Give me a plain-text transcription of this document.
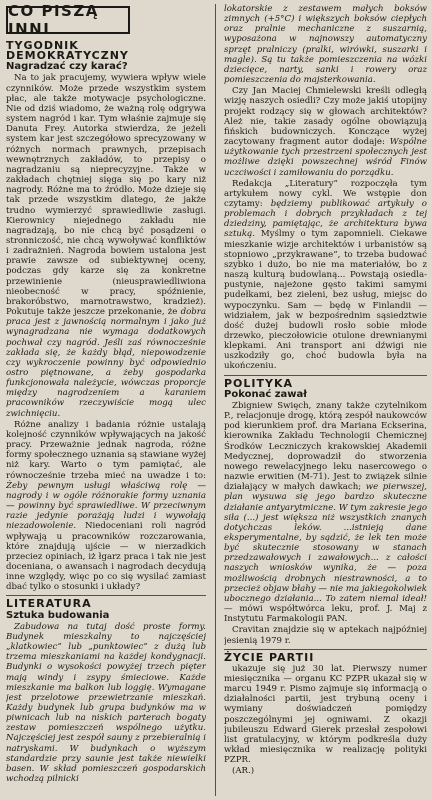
CO PISZĄ INNI

TYGODNIK DEMOKRATYCZNY

Nagradzać czy karać?

Na to jak pracujemy, wywiera wpływ wiele czynników. Może przede wszystkim system płac, ale także motywacje psychologiczne. Nie od dziś wiadomo, że ważną rolę odgrywa system nagród i kar. Tym właśnie zajmuje się Danuta Frey. Autorka stwierdza, że jeżeli system kar jest szczegółowo sprecyzowany w różnych normach prawnych, przepisach wewnętrznych zakładów, to przepisy o nagradzaniu są nieprecyzyjne. Także w zakładach chętniej sięga się po kary niż nagrody. Różne ma to źródło. Może dzieje się tak przede wszystkim dlatego, że jakże trudno wymierzyć sprawiedliwie zasługi. Kierownicy niejednego zakładu nie nagradzają, bo nie chcą być posądzeni o stronniczość, nie chcą wywoływać konfliktów i zadrażnień. Nagroda bowiem ustalona jest prawie zawsze od subiektywnej oceny, podczas gdy karze się za konkretne przewinienie (nieusprawiedliwiona nieobecność w pracy, spóźnienie, brakoróbstwo, marnotrawstwo, kradzież). Pokutuje także jeszcze przekonanie, że dobra praca jest z jawnością normalnym i jako już wynagradzana nie wymaga dodatkowych pochwał czy nagród. Jeśli zaś równocześnie zakłada się, że każdy błąd, niepowodzenie czy wykroczenie powinny być odpowiednio ostro piętnowane, a żeby gospodarka funkcjonowała należycie, wówczas proporcje między nagrodzeniem a karaniem pracowników rzeczywiście mogą ulec zwichnięciu.

Różne analizy i badania różnie ustalają kolejność czynników wpływających na jakość pracy. Przeważnie jednak nagroda, różne formy społecznego uznania są stawiane wyżej niż kary. Warto o tym pamiętać, ale równocześnie trzeba mieć na uwadze i to: Żeby pewnym usługi właściwą rolę — nagrody i w ogóle różnorakie formy uznania — powinny być sprawiedliwe. W przeciwnym razie jedynie porażają ludzi i wywołają niezadowolenie. Niedoceniani roli nagród wpływają u pracowników rozczarowania, które znajdują ujście — w nierzadkich przeciez opiniach, iż łgarz praca i tak nie jest doceniana, o awansach i nagrodach decydują inne względy, więc po co się wysilać zamiast dbać tylko o stosunki i układy?

LITERATURA

Sztuka budowania

Zabudowa na tutaj dość proste formy. Budynek mieszkalny to najczęściej „klatkowiec” lub „punktowiec” z dużą lub trzema mieszkaniami na każdej kondygnacji. Budynki o wysokości powyżej trzech pięter mają windy i zsypy śmieciowe. Każde mieszkanie ma balkon lub loggię. Wymagane jest przelotowe przewietrzanie mieszkań. Każdy budynek lub grupa budynków ma w piwnicach lub na niskich parterach bogaty zestaw pomieszczeń wspólnego użytku. Najczęściej jest zespół sauny z przebieralnią i natryskami. W budynkach o wyższym standardzie przy saunie jest także niewielki basen. W skład pomieszczeń gospodarskich wchodzą pilnicki

lokatorskie z zestawem małych boksów zimnych (+5°C) i większych boksów ciepłych oraz pralnie mechaniczne z suszarnią, wyposażona w najnowszy automatyczny sprzęt pralniczy (pralki, wirówki, suszarki i magle). Są tu także pomieszczenia na wózki dziecięce, narty, sanki i rowery oraz pomieszczenia do majsterkowania.

Czy Jan Maciej Chmielewski kreśli odległą wizję naszych osiedli? Czy może jakiś utopijny projekt rodzący się w głowach architektów? Ależ nie, takie zasady ogólne obowiązują fińskich budowniczych. Konczące wyżej zacytowany fragment autor dodaje: Wspólne użytkowanie tych przestrzeni społecznych jest możliwe dzięki powszechnej wśród Finów uczciwości i zamiłowaniu do porządku.

Redakcja „Literatury” rozpoczęła tym artykułem nowy cykl. We wstępie don czytamy: będziemy publikować artykuły o problemach i dobrych przykładach z tej dziedziny, pamiętając, że architektura bywa sztuką. Myślmy o tym zapomnieli. Ciekawe mieszkanie wizje architektów i urbanistów są stopniowo „przykrawane”, to trzeba budować szybko i dużo, bo nie ma materiałów, bo z naszą kulturą budowlaną... Powstają osiedla-pustynie, najeżone gęsto takimi samymi pudełkami, bez zieleni, bez usług, miejsc do wypoczynku. Sam — będę w Finlandii — widziałem, jak w bezpośrednim sąsiedztwie dość dużej budowli rosło sobie młode drzewko, pieczołowicie otulone drewnianymi klepkami. Ani transport ani dźwigi nie uszkodziły go, choć budowla była na ukończeniu.

POLITYKA

Pokonać zawał

Zbigniew Swięch, znany także czytelnikom P., relacjonuje drogę, którą zespół naukowców pod kierunkiem prof. dra Mariana Eckserina, kierownika Zakładu Technologii Chemicznej Środków Leczniczych krakowskiej Akademii Medycznej, doprowadził do stworzenia nowego rewelacyjnego leku nasercowego o nazwie erwitien (M-71). Jest to związek silnie działający w małych dawkach; we pierwszej, plan wysuwa się jego bardzo skuteczne działanie antyarytmiczne. W tym zakresie jego siła (...) jest większa niż wszystkich znanych dotychczas leków. ...istnieją dane eksperymentalne, by sądzić, że lek ten może być skutecznie stosowany w stanach przedzawałowych i zawałowych... z całości naszych wniosków wynika, że — poza możliwością drobnych niestrawności, a to przecież objaw błahy — nie ma jakiegokolwiek ubocznego działania... To zatem niemal ideał! — mówi współtwórca leku, prof. J. Maj z Instytutu Farmakologii PAN.

Cravitan znajdzie się w aptekach najpóźniej jesienią 1979 r.

ŻYCIE PARTII

ukazuje się już 30 lat. Pierwszy numer miesięcznika — organu KC PZPR ukazał się w marcu 1949 r. Pismo zajmuje się informacją o działalności partii, jest trybuną oceny i wymiany doświadczeń pomiędzy poszczególnymi jej ogniwami. Z okazji jubileuszu Edward Gierek przesłał zespołowi list gratulacyjny, w którym podkreśla duży wkład miesięcznika w realizację polityki PZPR.

(AR.)
